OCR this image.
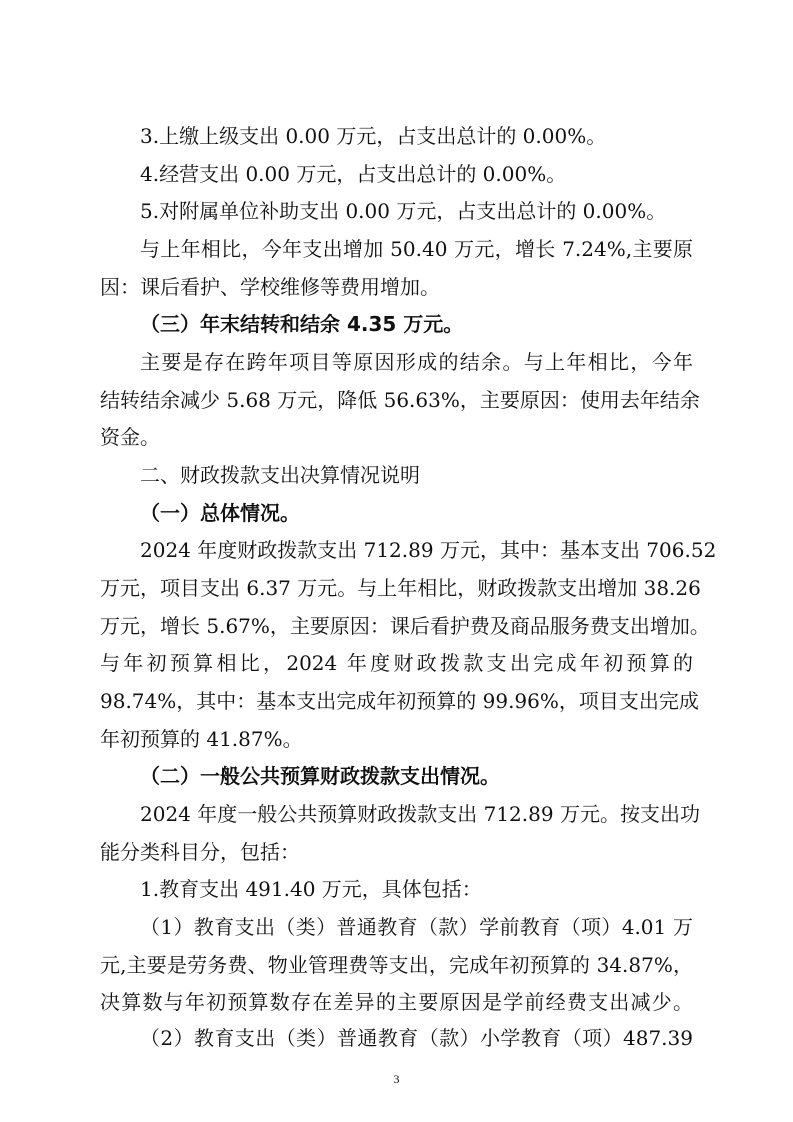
3.上缴上级支出 0.00 万元，占支出总计的 0.00%。
4.经营支出 0.00 万元，占支出总计的 0.00%。
5.对附属单位补助支出 0.00 万元，占支出总计的 0.00%。
与上年相比，今年支出增加 50.40 万元，增长 7.24%,主要原
因：课后看护、学校维修等费用增加。
（三）年末结转和结余 4.35 万元。
主要是存在跨年项目等原因形成的结余。与上年相比，今年
结转结余减少 5.68 万元，降低 56.63%，主要原因：使用去年结余
资金。
二、财政拨款支出决算情况说明
（一）总体情况。
2024 年度财政拨款支出 712.89 万元，其中：基本支出 706.52
万元，项目支出 6.37 万元。与上年相比，财政拨款支出增加 38.26
万元，增长 5.67%，主要原因：课后看护费及商品服务费支出增加。
与年初预算相比，2024 年度财政拨款支出完成年初预算的
98.74%，其中：基本支出完成年初预算的 99.96%，项目支出完成
年初预算的 41.87%。
（二）一般公共预算财政拨款支出情况。
2024 年度一般公共预算财政拨款支出 712.89 万元。按支出功
能分类科目分，包括：
1.教育支出 491.40 万元，具体包括：
（1）教育支出（类）普通教育（款）学前教育（项）4.01 万
元,主要是劳务费、物业管理费等支出，完成年初预算的 34.87%，
决算数与年初预算数存在差异的主要原因是学前经费支出减少。
（2）教育支出（类）普通教育（款）小学教育（项）487.39
3
